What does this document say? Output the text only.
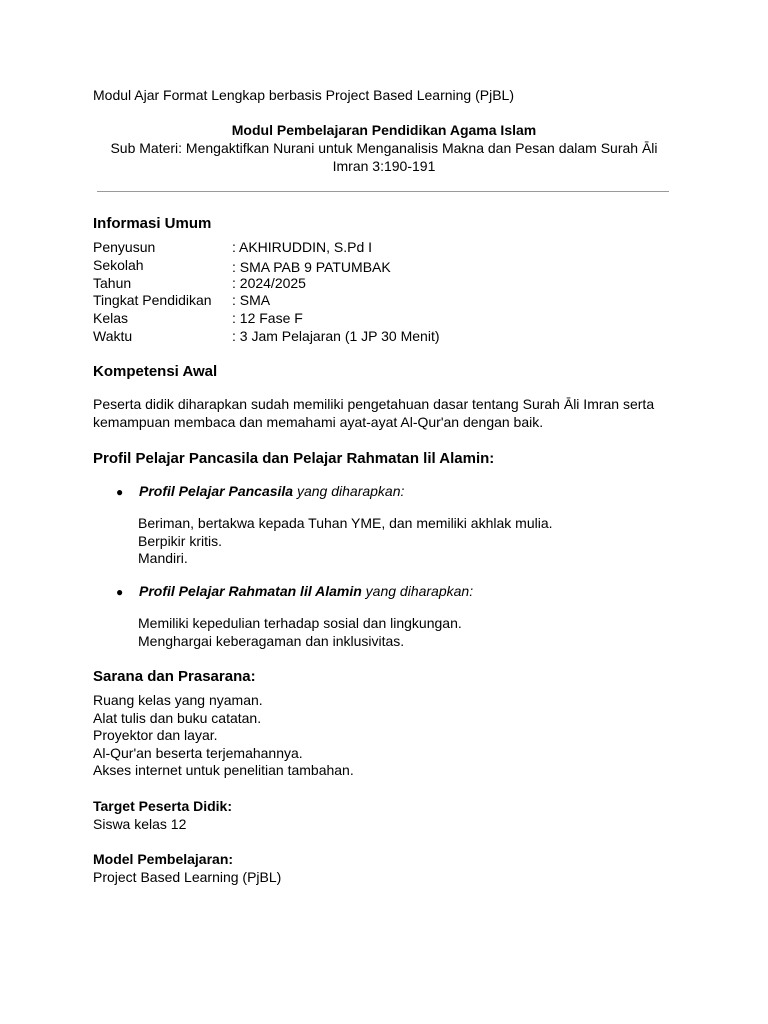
Modul Ajar Format Lengkap berbasis Project Based Learning (PjBL)
Modul Pembelajaran Pendidikan Agama Islam
Sub Materi: Mengaktifkan Nurani untuk Menganalisis Makna dan Pesan dalam Surah Āli
Imran 3:190-191
Informasi Umum
Penyusun	: AKHIRUDDIN, S.Pd I
Sekolah	: SMA PAB 9 PATUMBAK
Tahun	: 2024/2025
Tingkat Pendidikan : SMA
Kelas	: 12 Fase F
Waktu	: 3 Jam Pelajaran (1 JP 30 Menit)
Kompetensi Awal
Peserta didik diharapkan sudah memiliki pengetahuan dasar tentang Surah Āli Imran serta
kemampuan membaca dan memahami ayat-ayat Al-Qur'an dengan baik.
Profil Pelajar Pancasila dan Pelajar Rahmatan lil Alamin:
● Profil Pelajar Pancasila yang diharapkan:
Beriman, bertakwa kepada Tuhan YME, dan memiliki akhlak mulia.
Berpikir kritis.
Mandiri.
● Profil Pelajar Rahmatan lil Alamin yang diharapkan:
Memiliki kepedulian terhadap sosial dan lingkungan.
Menghargai keberagaman dan inklusivitas.
Sarana dan Prasarana:
Ruang kelas yang nyaman.
Alat tulis dan buku catatan.
Proyektor dan layar.
Al-Qur'an beserta terjemahannya.
Akses internet untuk penelitian tambahan.
Target Peserta Didik:
Siswa kelas 12
Model Pembelajaran:
Project Based Learning (PjBL)
